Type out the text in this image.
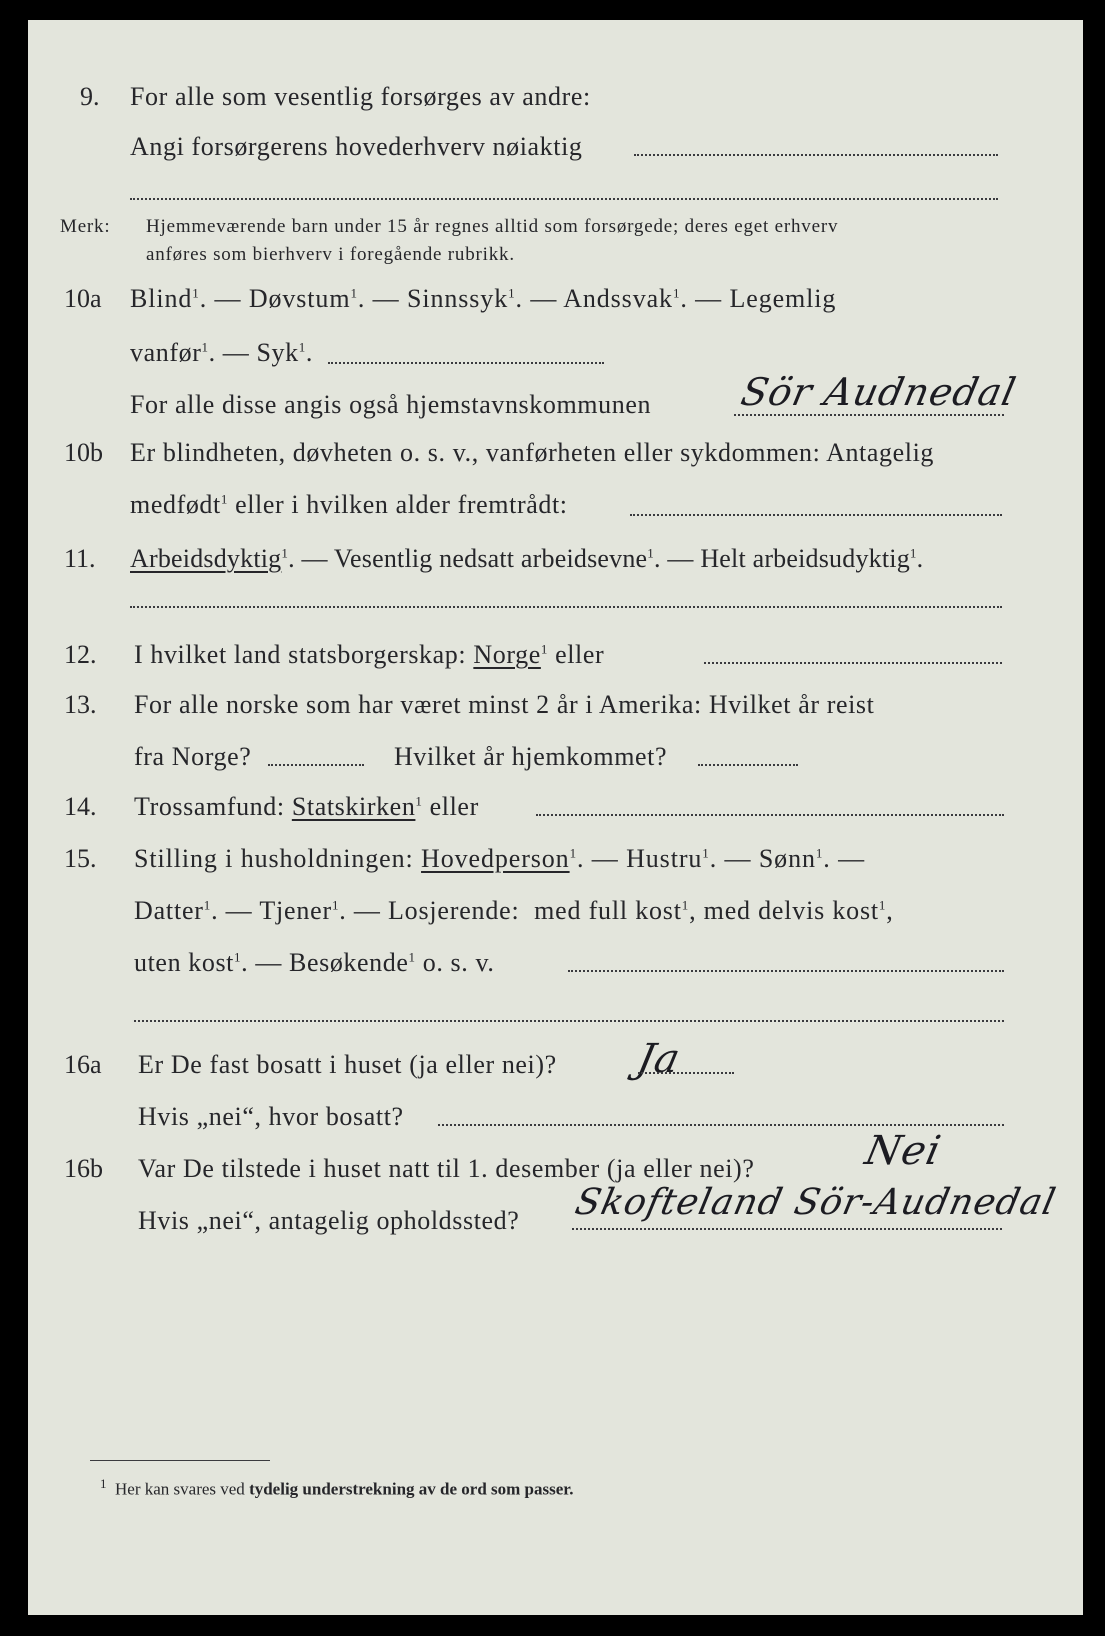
9. For alle som vesentlig forsørges av andre:
Angi forsørgerens hovederhverv nøiaktig
Merk: Hjemmeværende barn under 15 år regnes alltid som forsørgede; deres eget erhverv
anføres som bierhverv i foregående rubrikk.
10a Blind$^1$. — Døvstum$^1$. — Sinnssyk$^1$. — Andssvak$^1$. — Legemlig
vanfør$^1$. — Syk$^1$.
For alle disse angis også hjemstavnskommunen Sör Audnedal
10b Er blindheten, døvheten o. s. v., vanførheten eller sykdommen: Antagelig
medfødt$^1$ eller i hvilken alder fremtrådt:
11. Arbeidsdyktig$^1$. — Vesentlig nedsatt arbeidsevne$^1$. — Helt arbeidsudyktig$^1$.
12. I hvilket land statsborgerskap: Norge$^1$ eller
13. For alle norske som har været minst 2 år i Amerika: Hvilket år reist
fra Norge?	Hvilket år hjemkommet?
14. Trossamfund: Statskirken$^1$ eller
15. Stilling i husholdningen: Hovedperson$^1$. — Hustru$^1$. — Sønn$^1$. —
Datter$^1$. — Tjener$^1$. — Losjerende: med full kost$^1$, med delvis kost$^1$,
uten kost$^1$. — Besøkende$^1$ o. s. v.
16a Er De fast bosatt i huset (ja eller nei)? Ja
Hvis „nei“, hvor bosatt?
16b Var De tilstede i huset natt til 1. desember (ja eller nei)?	Nei
Hvis „nei“, antagelig opholdssted? Skofteland Sör-Audnedal
$^1$ Her kan svares ved tydelig understrekning av de ord som passer.
